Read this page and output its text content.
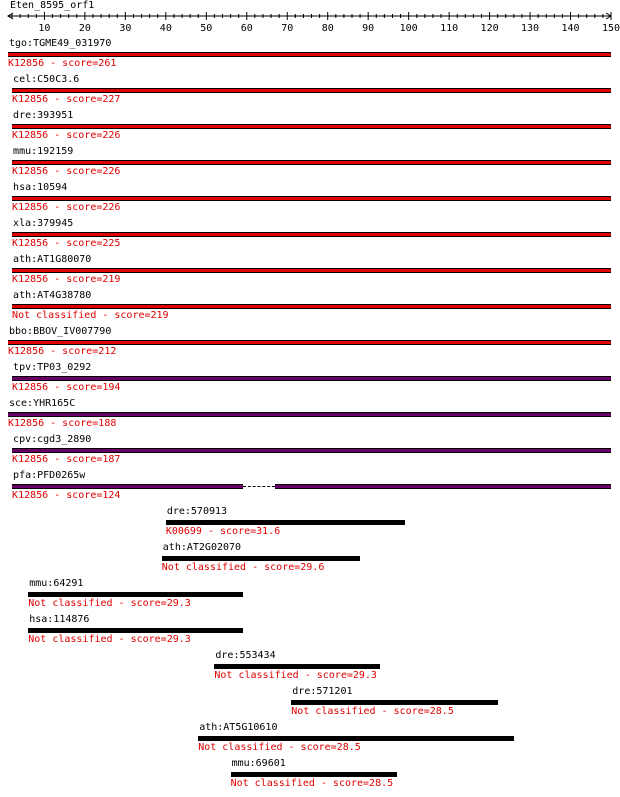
Eten_8595_orf1
10	20	30	40	50	60	70	80	90	100 110 120 130 140 150
tgo:TGME49_031970
K12856 - score=261
cel:C50C3.6
K12856 - score=227
dre:393951
K12856 - score=226
mmu:192159
K12856 - score=226
hsa:10594
K12856 - score=226
xla:379945
K12856 - score=225
ath:AT1G80070
K12856 - score=219
ath:AT4G38780
Not classified - score=219
bbo:BBOV_IV007790
K12856 - score=212
tpv:TP03_0292
K12856 - score=194
sce:YHR165C
K12856 - score=188
cpv:cgd3_2890
K12856 - score=187
pfa:PFD0265w
K12856 - score=124
dre:570913
K00699 - score=31.6
ath:AT2G02070
Not classified - score=29.6
mmu:64291
Not classified - score=29.3
hsa:114876
Not classified - score=29.3
dre:553434
Not classified - score=29.3
dre:571201
Not classified - score=28.5
ath:AT5G10610
Not classified - score=28.5
mmu:69601
Not classified - score=28.5
